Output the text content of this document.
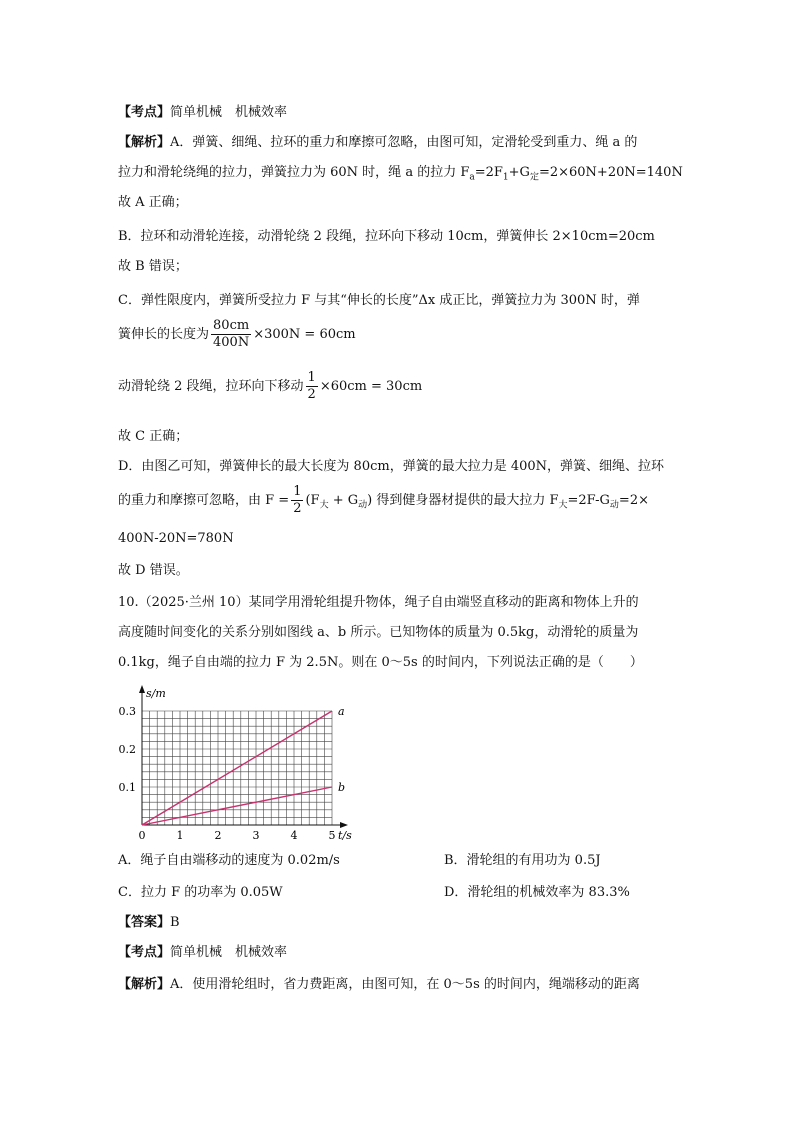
【考点】简单机械　机械效率
【解析】A．弹簧、细绳、拉环的重力和摩擦可忽略，由图可知，定滑轮受到重力、绳 a 的
拉力和滑轮绕绳的拉力，弹簧拉力为 60N 时，绳 a 的拉力 $F_a=2F_1+G_定=2\times 60N+20N=140N$
故 A 正确；
B．拉环和动滑轮连接，动滑轮绕 2 段绳，拉环向下移动 10cm，弹簧伸长 2×10cm=20cm
故 B 错误；
C．弹性限度内，弹簧所受拉力 F 与其“伸长的长度”Δx 成正比，弹簧拉力为 300N 时，弹
簧伸长的长度为 $\frac{80cm}{400N} \times 300N = 60cm$
动滑轮绕 2 段绳，拉环向下移动 $\frac{1}{2} \times 60cm = 30cm$
故 C 正确；
D．由图乙可知，弹簧伸长的最大长度为 80cm，弹簧的最大拉力是 400N，弹簧、细绳、拉环
的重力和摩擦可忽略，由 $F = \frac{1}{2} (F_大 + G_动)$ 得到健身器材提供的最大拉力 $F_大=2F-G_动=2\times$
400N-20N=780N
故 D 错误。
10.（2025·兰州 10）某同学用滑轮组提升物体，绳子自由端竖直移动的距离和物体上升的
高度随时间变化的关系分别如图线 a、b 所示。已知物体的质量为 0.5kg，动滑轮的质量为
0.1kg，绳子自由端的拉力 F 为 2.5N。则在 0～5s 的时间内，下列说法正确的是（　　）
s/m
t/s
0	1	2	3	4	5
0.1
0.2
0.3	a
b
A．绳子自由端移动的速度为 0.02m/s	B．滑轮组的有用功为 0.5J
C．拉力 F 的功率为 0.05W	D．滑轮组的机械效率为 83.3%
【答案】B
【考点】简单机械　机械效率
【解析】A．使用滑轮组时，省力费距离，由图可知，在 0～5s 的时间内，绳端移动的距离
